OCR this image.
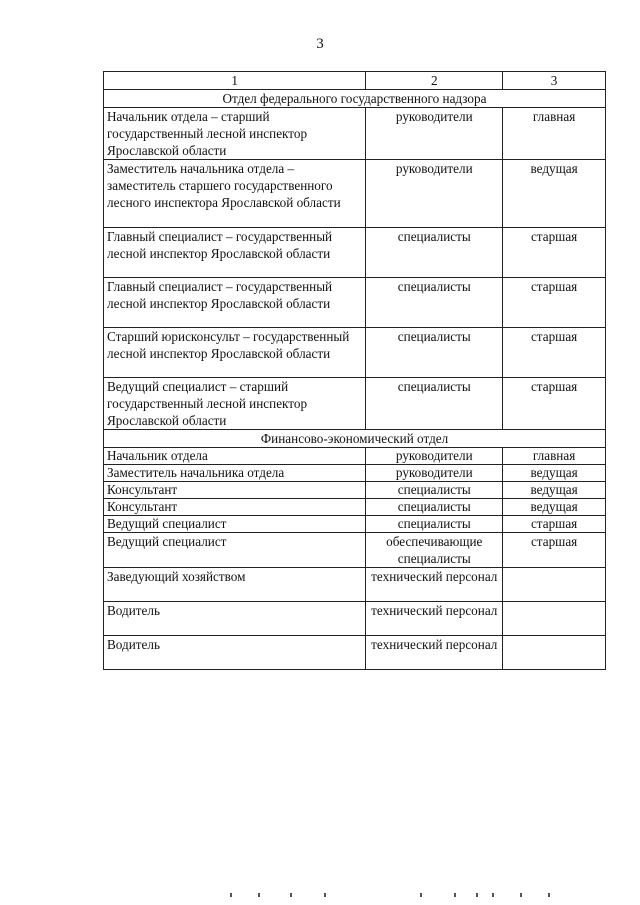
3
1	2	3
Отдел федерального государственного надзора		
Начальник отдела – старший государственный лесной инспектор Ярославской области	руководители	главная
Заместитель начальника отдела – заместитель старшего государственного лесного инспектора Ярославской области	руководители	ведущая
Главный специалист – государственный лесной инспектор Ярославской области	специалисты	старшая
Главный специалист – государственный лесной инспектор Ярославской области	специалисты	старшая
Старший юрисконсульт – государственный лесной инспектор Ярославской области	специалисты	старшая
Ведущий специалист – старший государственный лесной инспектор Ярославской области	специалисты	старшая
Финансово-экономический отдел		
Начальник отдела	руководители	главная
Заместитель начальника отдела	руководители	ведущая
Консультант	специалисты	ведущая
Консультант	специалисты	ведущая
Ведущий специалист	специалисты	старшая
Ведущий специалист	обеспечивающие специалисты	старшая
Заведующий хозяйством	технический персонал	
Водитель	технический персонал	
Водитель	технический персонал	
